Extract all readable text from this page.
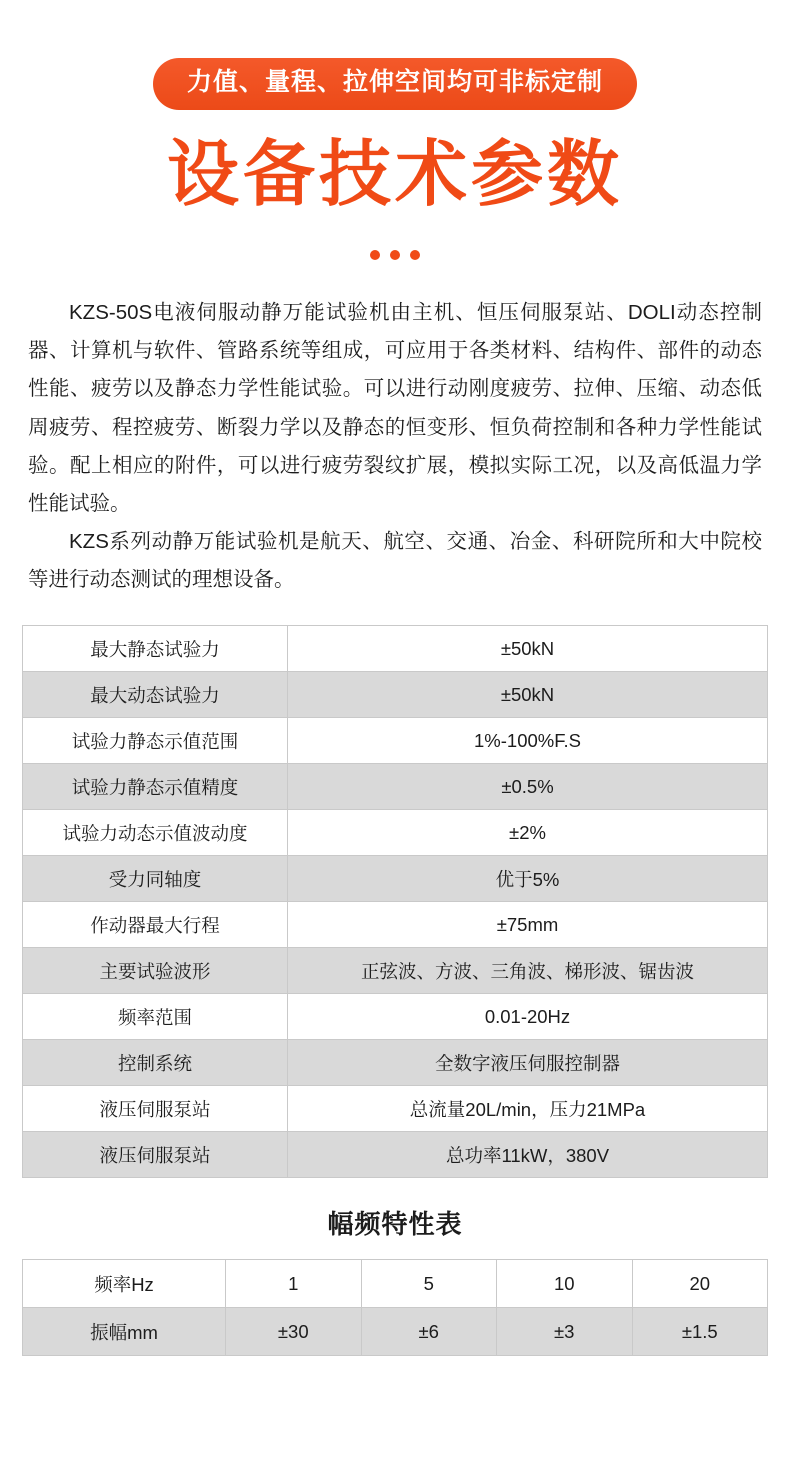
力值、量程、拉伸空间均可非标定制
设备技术参数

KZS-50S电液伺服动静万能试验机由主机、恒压伺服泵站、DOLI动态控制器、计算机与软件、管路系统等组成，可应用于各类材料、结构件、部件的动态性能、疲劳以及静态力学性能试验。可以进行动刚度疲劳、拉伸、压缩、动态低周疲劳、程控疲劳、断裂力学以及静态的恒变形、恒负荷控制和各种力学性能试验。配上相应的附件，可以进行疲劳裂纹扩展，模拟实际工况，以及高低温力学性能试验。

KZS系列动静万能试验机是航天、航空、交通、冶金、科研院所和大中院校等进行动态测试的理想设备。

最大静态试验力	±50kN
最大动态试验力	±50kN
试验力静态示值范围	1%-100%F.S
试验力静态示值精度	±0.5%
试验力动态示值波动度	±2%
受力同轴度	优于5%
作动器最大行程	±75mm
主要试验波形	正弦波、方波、三角波、梯形波、锯齿波
频率范围	0.01-20Hz
控制系统	全数字液压伺服控制器
液压伺服泵站	总流量20L/min，压力21MPa
液压伺服泵站	总功率11kW，380V
幅频特性表
频率Hz	1	5	10	20
振幅mm	±30	±6	±3	±1.5
